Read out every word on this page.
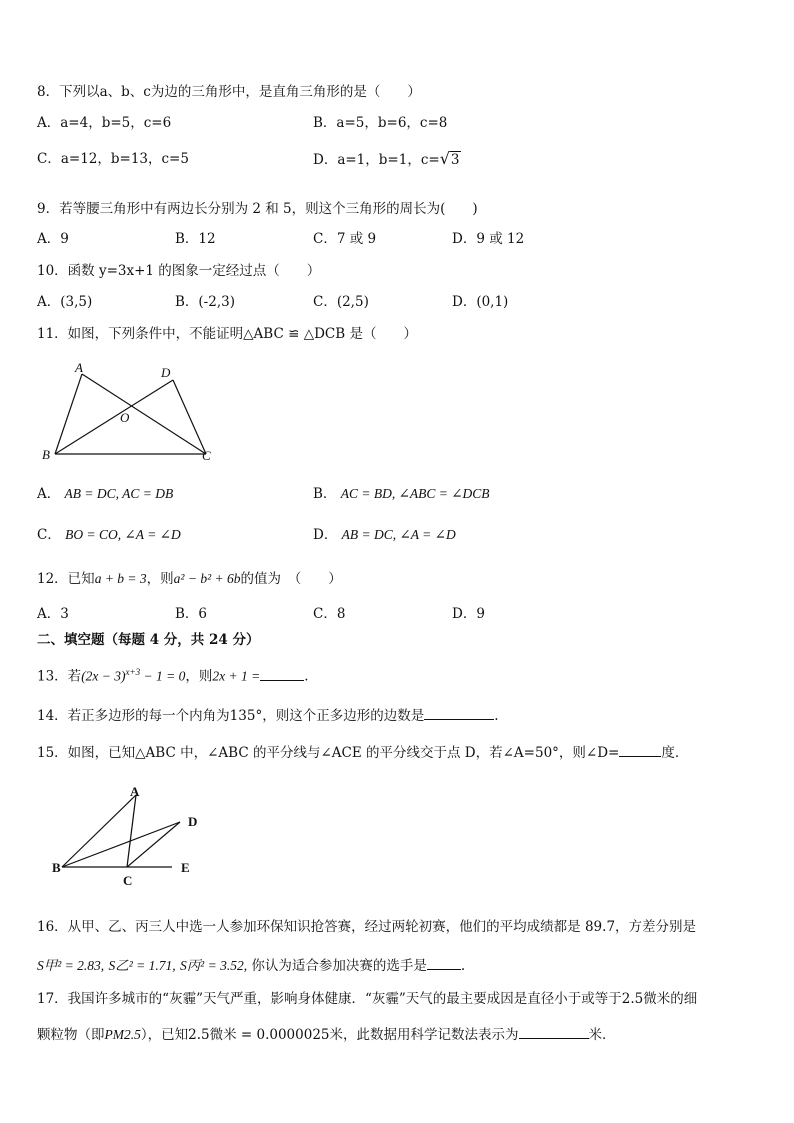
8．下列以a、b、c为边的三角形中，是直角三角形的是（　　）
A．a=4，b=5，c=6	B．a=5，b=6，c=8
C．a=12，b=13，c=5	D．a=1，b=1，c=√3
9．若等腰三角形中有两边长分别为 2 和 5，则这个三角形的周长为(　　)
A．9	B．12	C．7 或 9	D．9 或 12
10．函数 y=3x+1 的图象一定经过点（　　）
A．(3,5)	B．(-2,3)	C．(2,5)	D．(0,1)
11．如图，下列条件中，不能证明△ABC ≌ △DCB 是（　　）
A	D
O
B	C
A． AB = DC, AC = DB	B． AC = BD, ∠ABC = ∠DCB
C． BO = CO, ∠A = ∠D	D． AB = DC, ∠A = ∠D
12．已知a + b = 3，则a² − b² + 6b的值为　（　　）
A．3	B．6	C．8	D．9
二、填空题（每题 4 分，共 24 分）
13．若$(2x - 3)^{x+3} - 1 = 0$，则2x + 1 =	.
14．若正多边形的每一个内角为135°，则这个正多边形的边数是	.
15．如图，已知△ABC 中，∠ABC 的平分线与∠ACE 的平分线交于点 D，若∠A=50°，则∠D=	度．
A
D
B
C
E
16．从甲、乙、丙三人中选一人参加环保知识抢答赛，经过两轮初赛，他们的平均成绩都是 89.7，方差分别是
S甲² = 2.83, S乙² = 1.71, S丙² = 3.52, 你认为适合参加决赛的选手是	.
17．我国许多城市的“灰霾”天气严重，影响身体健康．“灰霾”天气的最主要成因是直径小于或等于2.5微米的细
颗粒物（即PM2.5），已知2.5微米 = 0.0000025米，此数据用科学记数法表示为	米．
